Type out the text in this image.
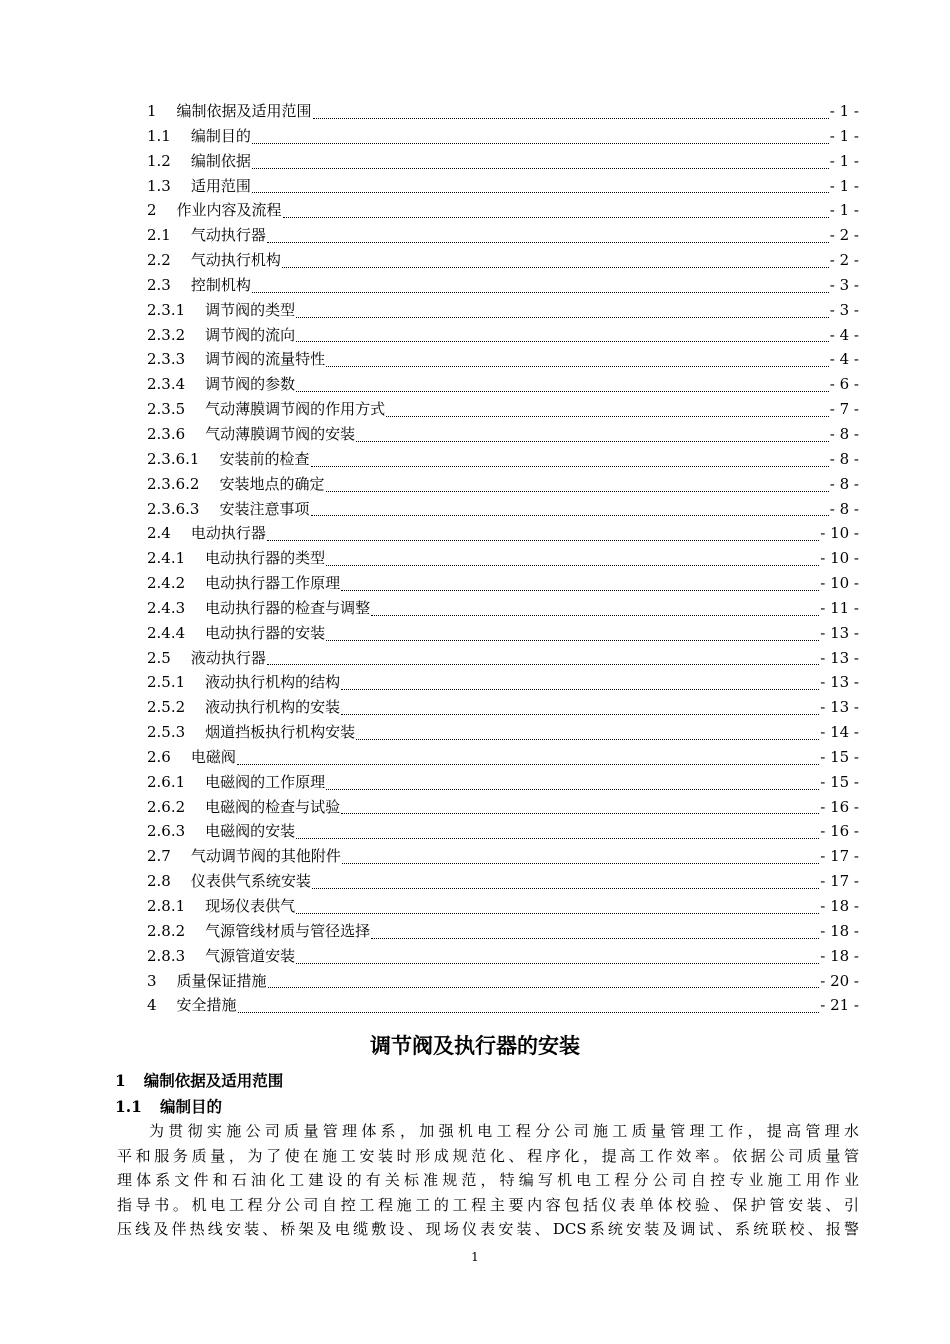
1 编制依据及适用范围	- 1 -
1.1 编制目的	- 1 -
1.2 编制依据	- 1 -
1.3 适用范围	- 1 -
2 作业内容及流程	- 1 -
2.1 气动执行器	- 2 -
2.2 气动执行机构	- 2 -
2.3 控制机构	- 3 -
2.3.1 调节阀的类型	- 3 -
2.3.2 调节阀的流向	- 4 -
2.3.3 调节阀的流量特性	- 4 -
2.3.4 调节阀的参数	- 6 -
2.3.5 气动薄膜调节阀的作用方式	- 7 -
2.3.6 气动薄膜调节阀的安装	- 8 -
2.3.6.1 安装前的检查	- 8 -
2.3.6.2 安装地点的确定	- 8 -
2.3.6.3 安装注意事项	- 8 -
2.4 电动执行器	- 10 -
2.4.1 电动执行器的类型	- 10 -
2.4.2 电动执行器工作原理	- 10 -
2.4.3 电动执行器的检查与调整	- 11 -
2.4.4 电动执行器的安装	- 13 -
2.5 液动执行器	- 13 -
2.5.1 液动执行机构的结构	- 13 -
2.5.2 液动执行机构的安装	- 13 -
2.5.3 烟道挡板执行机构安装	- 14 -
2.6 电磁阀	- 15 -
2.6.1 电磁阀的工作原理	- 15 -
2.6.2 电磁阀的检查与试验	- 16 -
2.6.3 电磁阀的安装	- 16 -
2.7 气动调节阀的其他附件	- 17 -
2.8 仪表供气系统安装	- 17 -
2.8.1 现场仪表供气	- 18 -
2.8.2 气源管线材质与管径选择	- 18 -
2.8.3 气源管道安装	- 18 -
3 质量保证措施	- 20 -
4 安全措施	- 21 -
调节阀及执行器的安装
1 编制依据及适用范围
1.1 编制目的
为贯彻实施公司质量管理体系，加强机电工程分公司施工质量管理工作，提高管理水
平和服务质量，为了使在施工安装时形成规范化、程序化，提高工作效率。依据公司质量管
理体系文件和石油化工建设的有关标准规范，特编写机电工程分公司自控专业施工用作业
指导书。机电工程分公司自控工程施工的工程主要内容包括仪表单体校验、保护管安装、引
压线及伴热线安装、桥架及电缆敷设、现场仪表安装、DCS系统安装及调试、系统联校、报警
1
